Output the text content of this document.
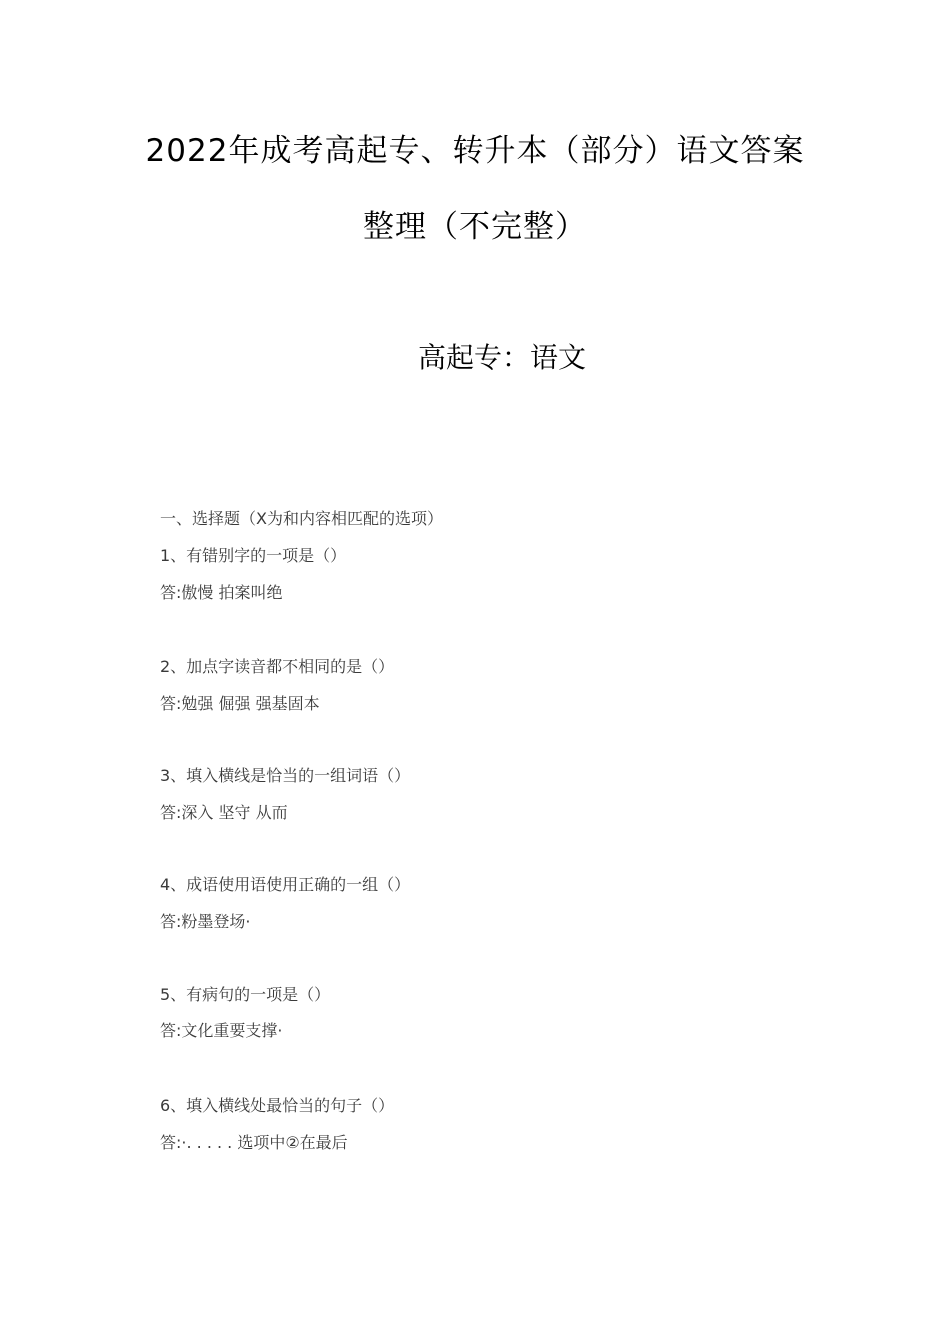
2022年成考高起专、转升本（部分）语文答案
整理（不完整）
高起专：语文
一、选择题（X为和内容相匹配的选项）
1、有错别字的一项是（）
答:傲慢 拍案叫绝
2、加点字读音都不相同的是（）
答:勉强 倔强 强基固本
3、填入横线是恰当的一组词语（）
答:深入 坚守 从而
4、成语使用语使用正确的一组（）
答:粉墨登场·
5、有病句的一项是（）
答:文化重要支撑·
6、填入横线处最恰当的句子（）
答:·. . . . . 选项中②在最后
